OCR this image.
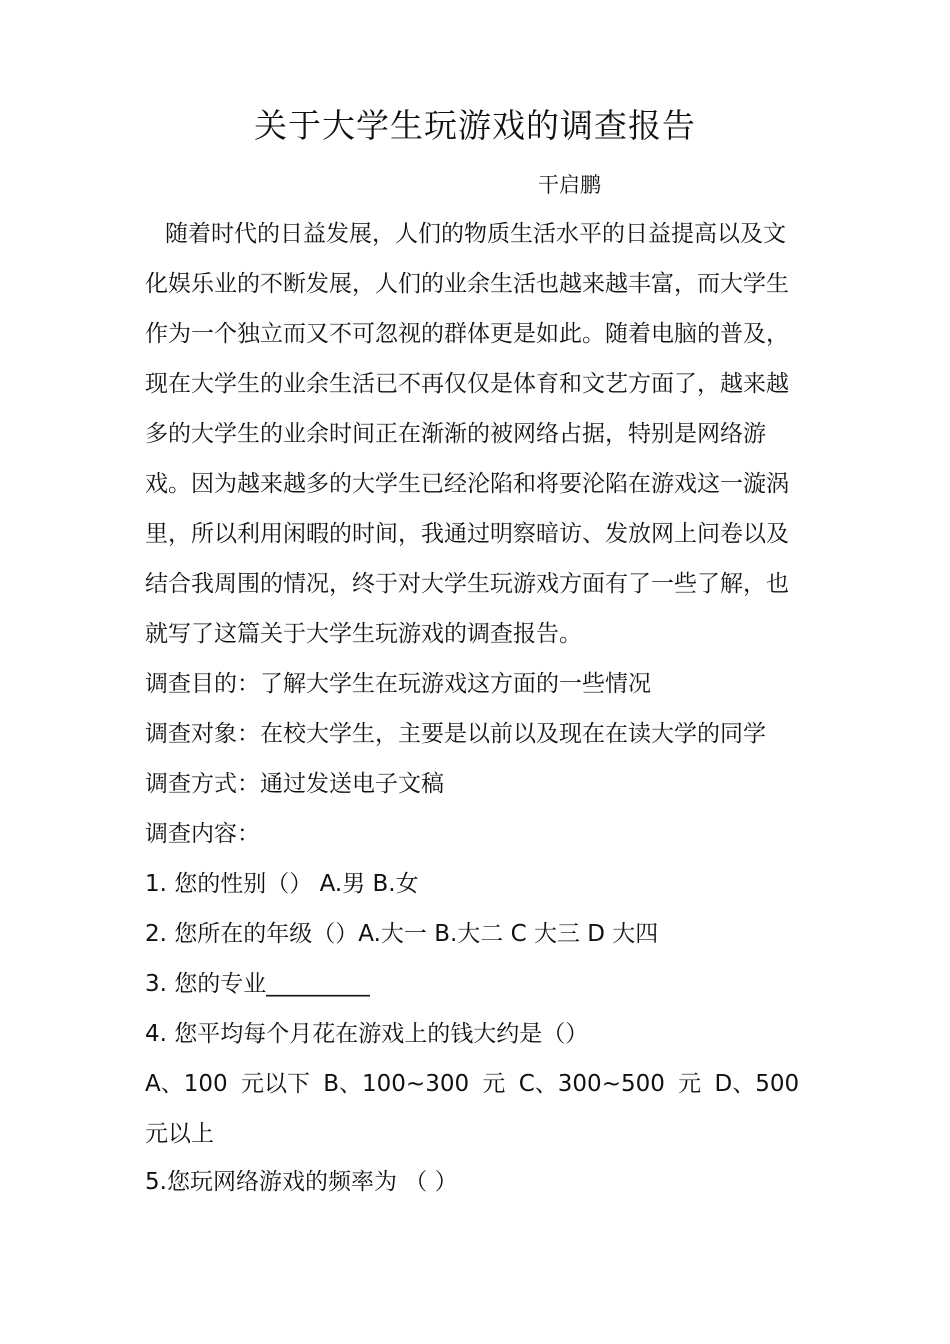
关于大学生玩游戏的调查报告
干启鹏
随着时代的日益发展，人们的物质生活水平的日益提高以及文
化娱乐业的不断发展，人们的业余生活也越来越丰富，而大学生
作为一个独立而又不可忽视的群体更是如此。随着电脑的普及，
现在大学生的业余生活已不再仅仅是体育和文艺方面了，越来越
多的大学生的业余时间正在渐渐的被网络占据，特别是网络游
戏。因为越来越多的大学生已经沦陷和将要沦陷在游戏这一漩涡
里，所以利用闲暇的时间，我通过明察暗访、发放网上问卷以及
结合我周围的情况，终于对大学生玩游戏方面有了一些了解，也
就写了这篇关于大学生玩游戏的调查报告。
调查目的：了解大学生在玩游戏这方面的一些情况
调查对象：在校大学生，主要是以前以及现在在读大学的同学
调查方式：通过发送电子文稿
调查内容：
1. 您的性别（） A.男 B.女
2. 您所在的年级（）A.大一 B.大二 C 大三 D 大四
3. 您的专业_________
4. 您平均每个月花在游戏上的钱大约是（）
A、100 元以下 B、100~300 元 C、300~500 元 D、500
元以上
5.您玩网络游戏的频率为 （ ）
